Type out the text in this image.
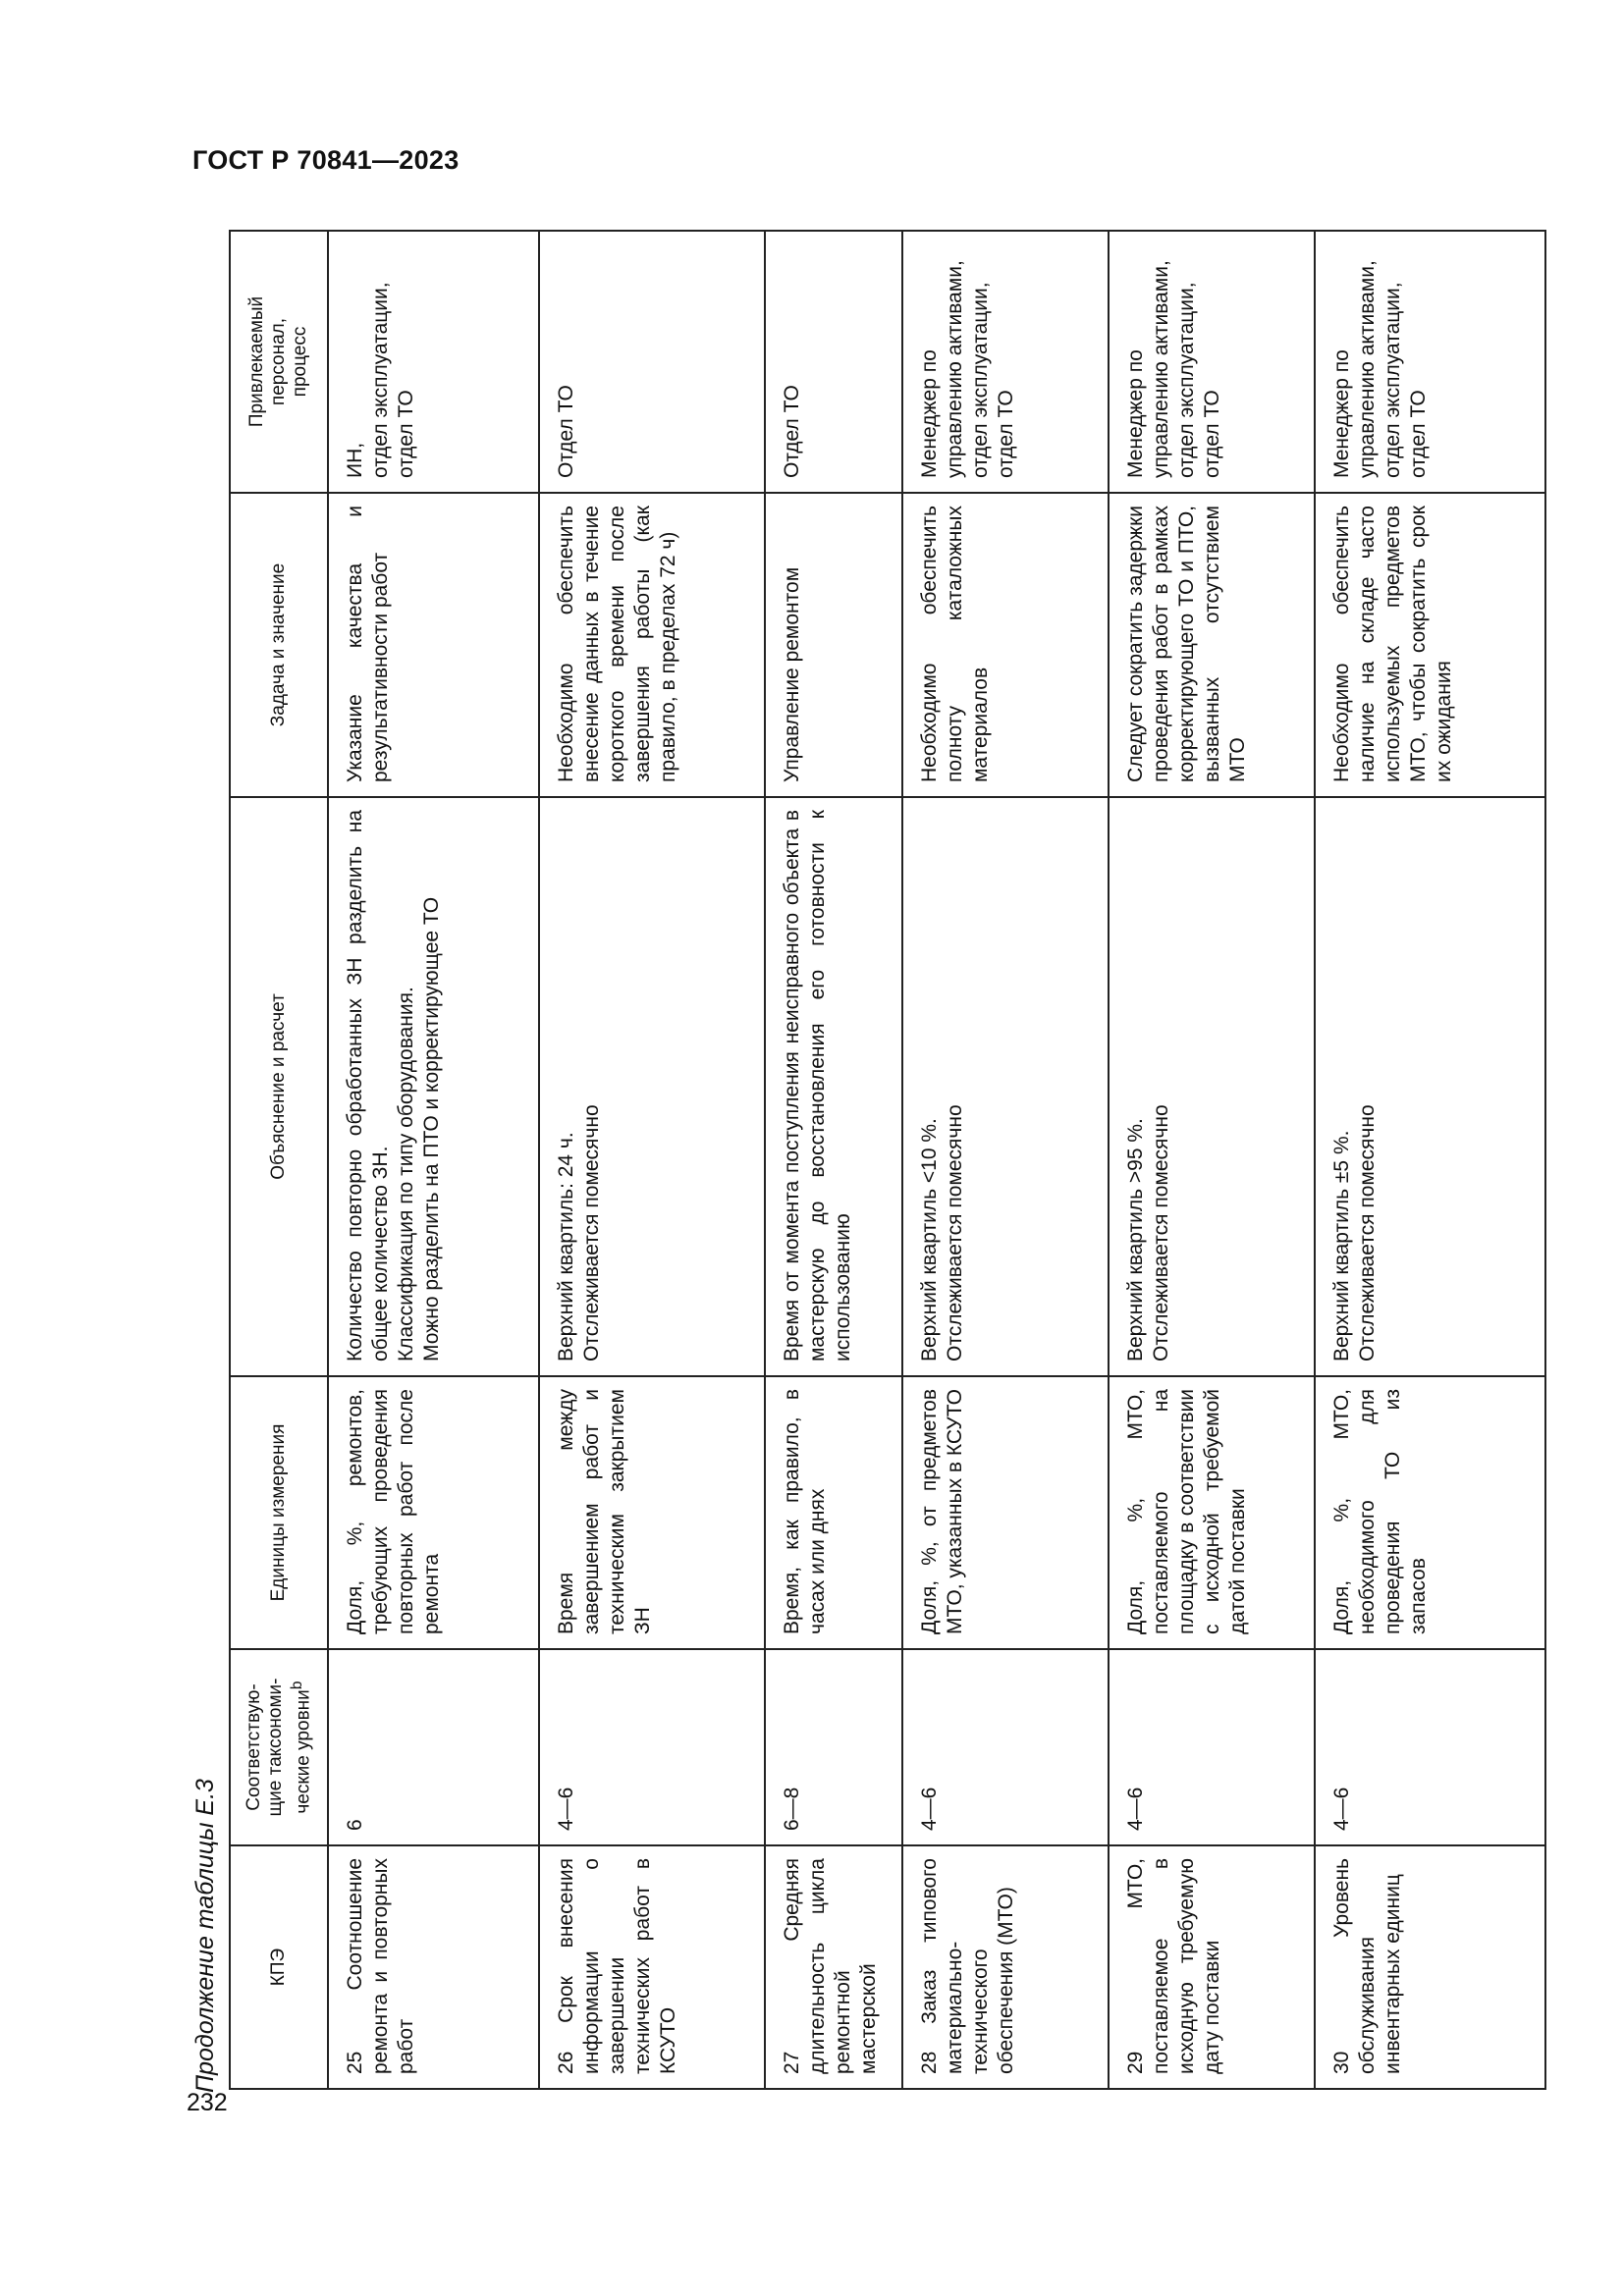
ГОСТ Р 70841—2023
232
Продолжение таблицы Е.3	КПЭ	Соответствую-
щие таксономи-
ческие уровни$^b$	Единицы измерения	Объяснение и расчет	Задача и значение	Привлекаемый
персонал,
процесс
25 Соотношение ремонта и повторных работ	6	Доля, %, ремонтов, требующих проведения повторных работ после ремонта	Количество повторно обработанных ЗН разделить на общее количество ЗН.
Классификация по типу оборудования.
Можно разделить на ПТО и корректирующее ТО	Указание качества и результативности работ	ИН,
отдел эксплуатации,
отдел ТО
26 Срок внесения информации о завершении технических работ в КСУТО	4—6	Время между завершением работ и техническим закрытием ЗН	Верхний квартиль: 24 ч.
Отслеживается помесячно	Необходимо обеспечить внесение данных в течение короткого времени после завершения работы (как правило, в пределах 72 ч)	Отдел ТО
27 Средняя длительность цикла ремонтной мастерской	6—8	Время, как правило, в часах или днях	Время от момента поступления неисправного объекта в мастерскую до восстановления его готовности к использованию	Управление ремонтом	Отдел ТО
28 Заказ типового материально-технического обеспечения (МТО)	4—6	Доля, %, от предметов МТО, указанных в КСУТО	Верхний квартиль <10 %.
Отслеживается помесячно	Необходимо обеспечить полноту каталожных материалов	Менеджер по управлению активами,
отдел эксплуатации,
отдел ТО
29 МТО, поставляемое в исходную требуемую дату поставки	4—6	Доля, %, МТО, поставляемого на площадку в соответствии с исходной требуемой датой поставки	Верхний квартиль >95 %.
Отслеживается помесячно	Следует сократить задержки проведения работ в рамках корректирующего ТО и ПТО, вызванных отсутствием МТО	Менеджер по управлению активами,
отдел эксплуатации,
отдел ТО
30 Уровень обслуживания инвентарных единиц	4—6	Доля, %, МТО, необходимого для проведения ТО из запасов	Верхний квартиль ±5 %.
Отслеживается помесячно	Необходимо обеспечить наличие на складе часто используемых предметов МТО, чтобы сократить срок их ожидания	Менеджер по управлению активами,
отдел эксплуатации,
отдел ТО
